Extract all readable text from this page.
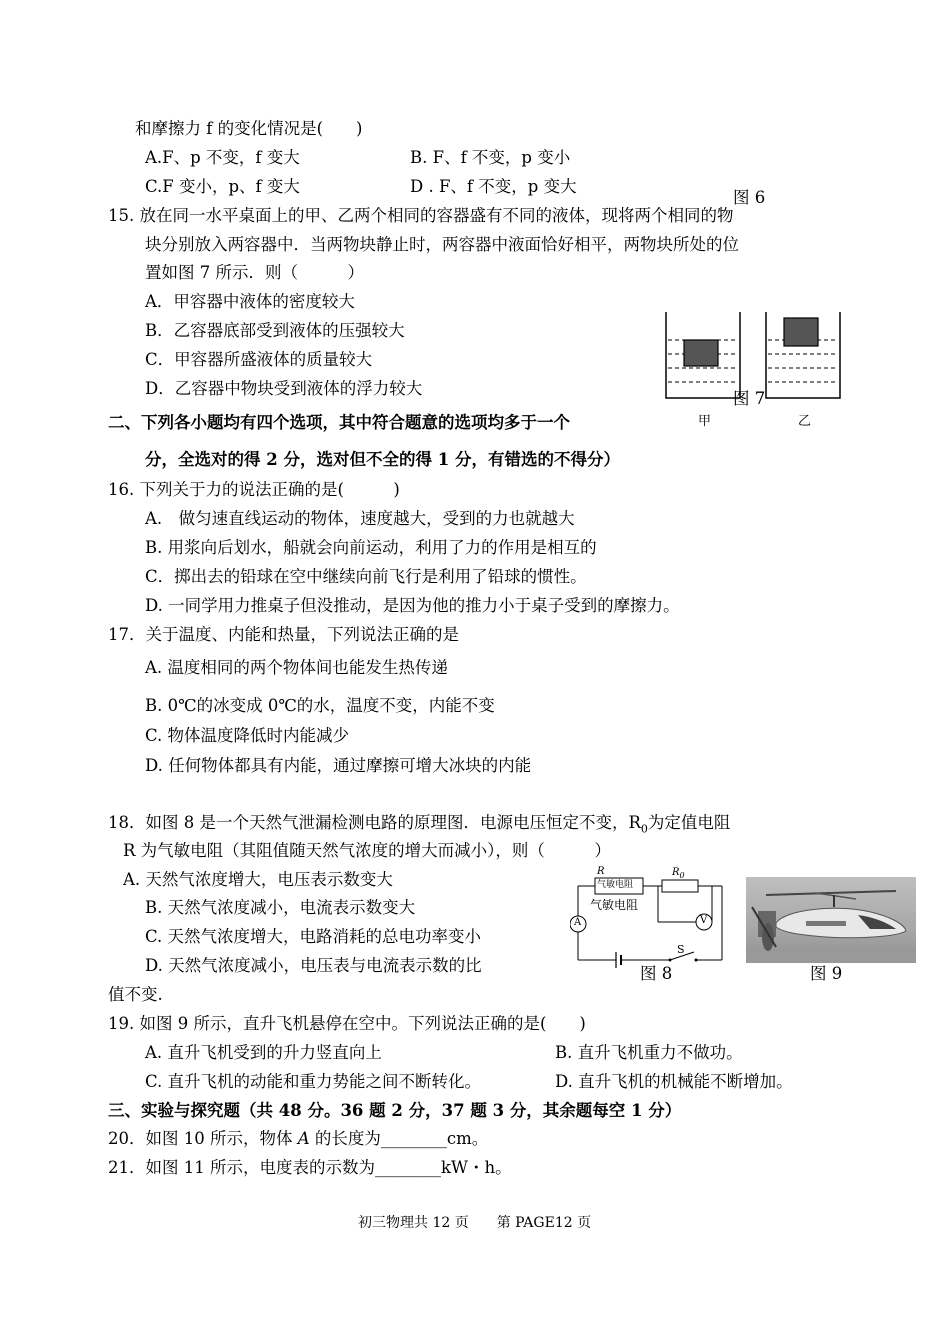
和摩擦力 f 的变化情况是(　　)
A.F、p 不变，f 变大	B. F、f 不变，p 变小
C.F 变小，p、f 变大	D . F、f 不变，p 变大
图 6
15. 放在同一水平桌面上的甲、乙两个相同的容器盛有不同的液体，现将两个相同的物
块分别放入两容器中．当两物块静止时，两容器中液面恰好相平，两物块所处的位
置如图 7 所示．则（　　　）
A．甲容器中液体的密度较大
B．乙容器底部受到液体的压强较大
C．甲容器所盛液体的质量较大
D．乙容器中物块受到液体的浮力较大
图 7
甲	乙
二、下列各小题均有四个选项，其中符合题意的选项均多于一个
分，全选对的得 2 分，选对但不全的得 1 分，有错选的不得分）
16. 下列关于力的说法正确的是(　　　)
A.　做匀速直线运动的物体，速度越大，受到的力也就越大
B. 用浆向后划水，船就会向前运动，利用了力的作用是相互的
C．掷出去的铅球在空中继续向前飞行是利用了铅球的惯性。
D. 一同学用力推桌子但没推动，是因为他的推力小于桌子受到的摩擦力。
17．关于温度、内能和热量，下列说法正确的是
A. 温度相同的两个物体间也能发生热传递
B. 0℃的冰变成 0℃的水，温度不变，内能不变
C. 物体温度降低时内能减少
D. 任何物体都具有内能，通过摩擦可增大冰块的内能
18．如图 8 是一个天然气泄漏检测电路的原理图．电源电压恒定不变，$R_0$为定值电阻
R 为气敏电阻（其阻值随天然气浓度的增大而减小），则（　　　）
A. 天然气浓度增大，电压表示数变大
B. 天然气浓度减小，电流表示数变大
C. 天然气浓度增大，电路消耗的总电功率变小
D. 天然气浓度减小，电压表与电流表示数的比
值不变.
R
气敏电阻
$R_0$
气敏电阻
A	V
S
图 8	图 9
19. 如图 9 所示，直升飞机悬停在空中。下列说法正确的是(　　)
A. 直升飞机受到的升力竖直向上	B. 直升飞机重力不做功。
C. 直升飞机的动能和重力势能之间不断转化。	D. 直升飞机的机械能不断增加。
三、实验与探究题（共 48 分。36 题 2 分，37 题 3 分，其余题每空 1 分）
20．如图 10 所示，物体 A 的长度为________cm。
21．如图 11 所示，电度表的示数为________kW・h。
初三物理共 12 页　　第 PAGE12 页
